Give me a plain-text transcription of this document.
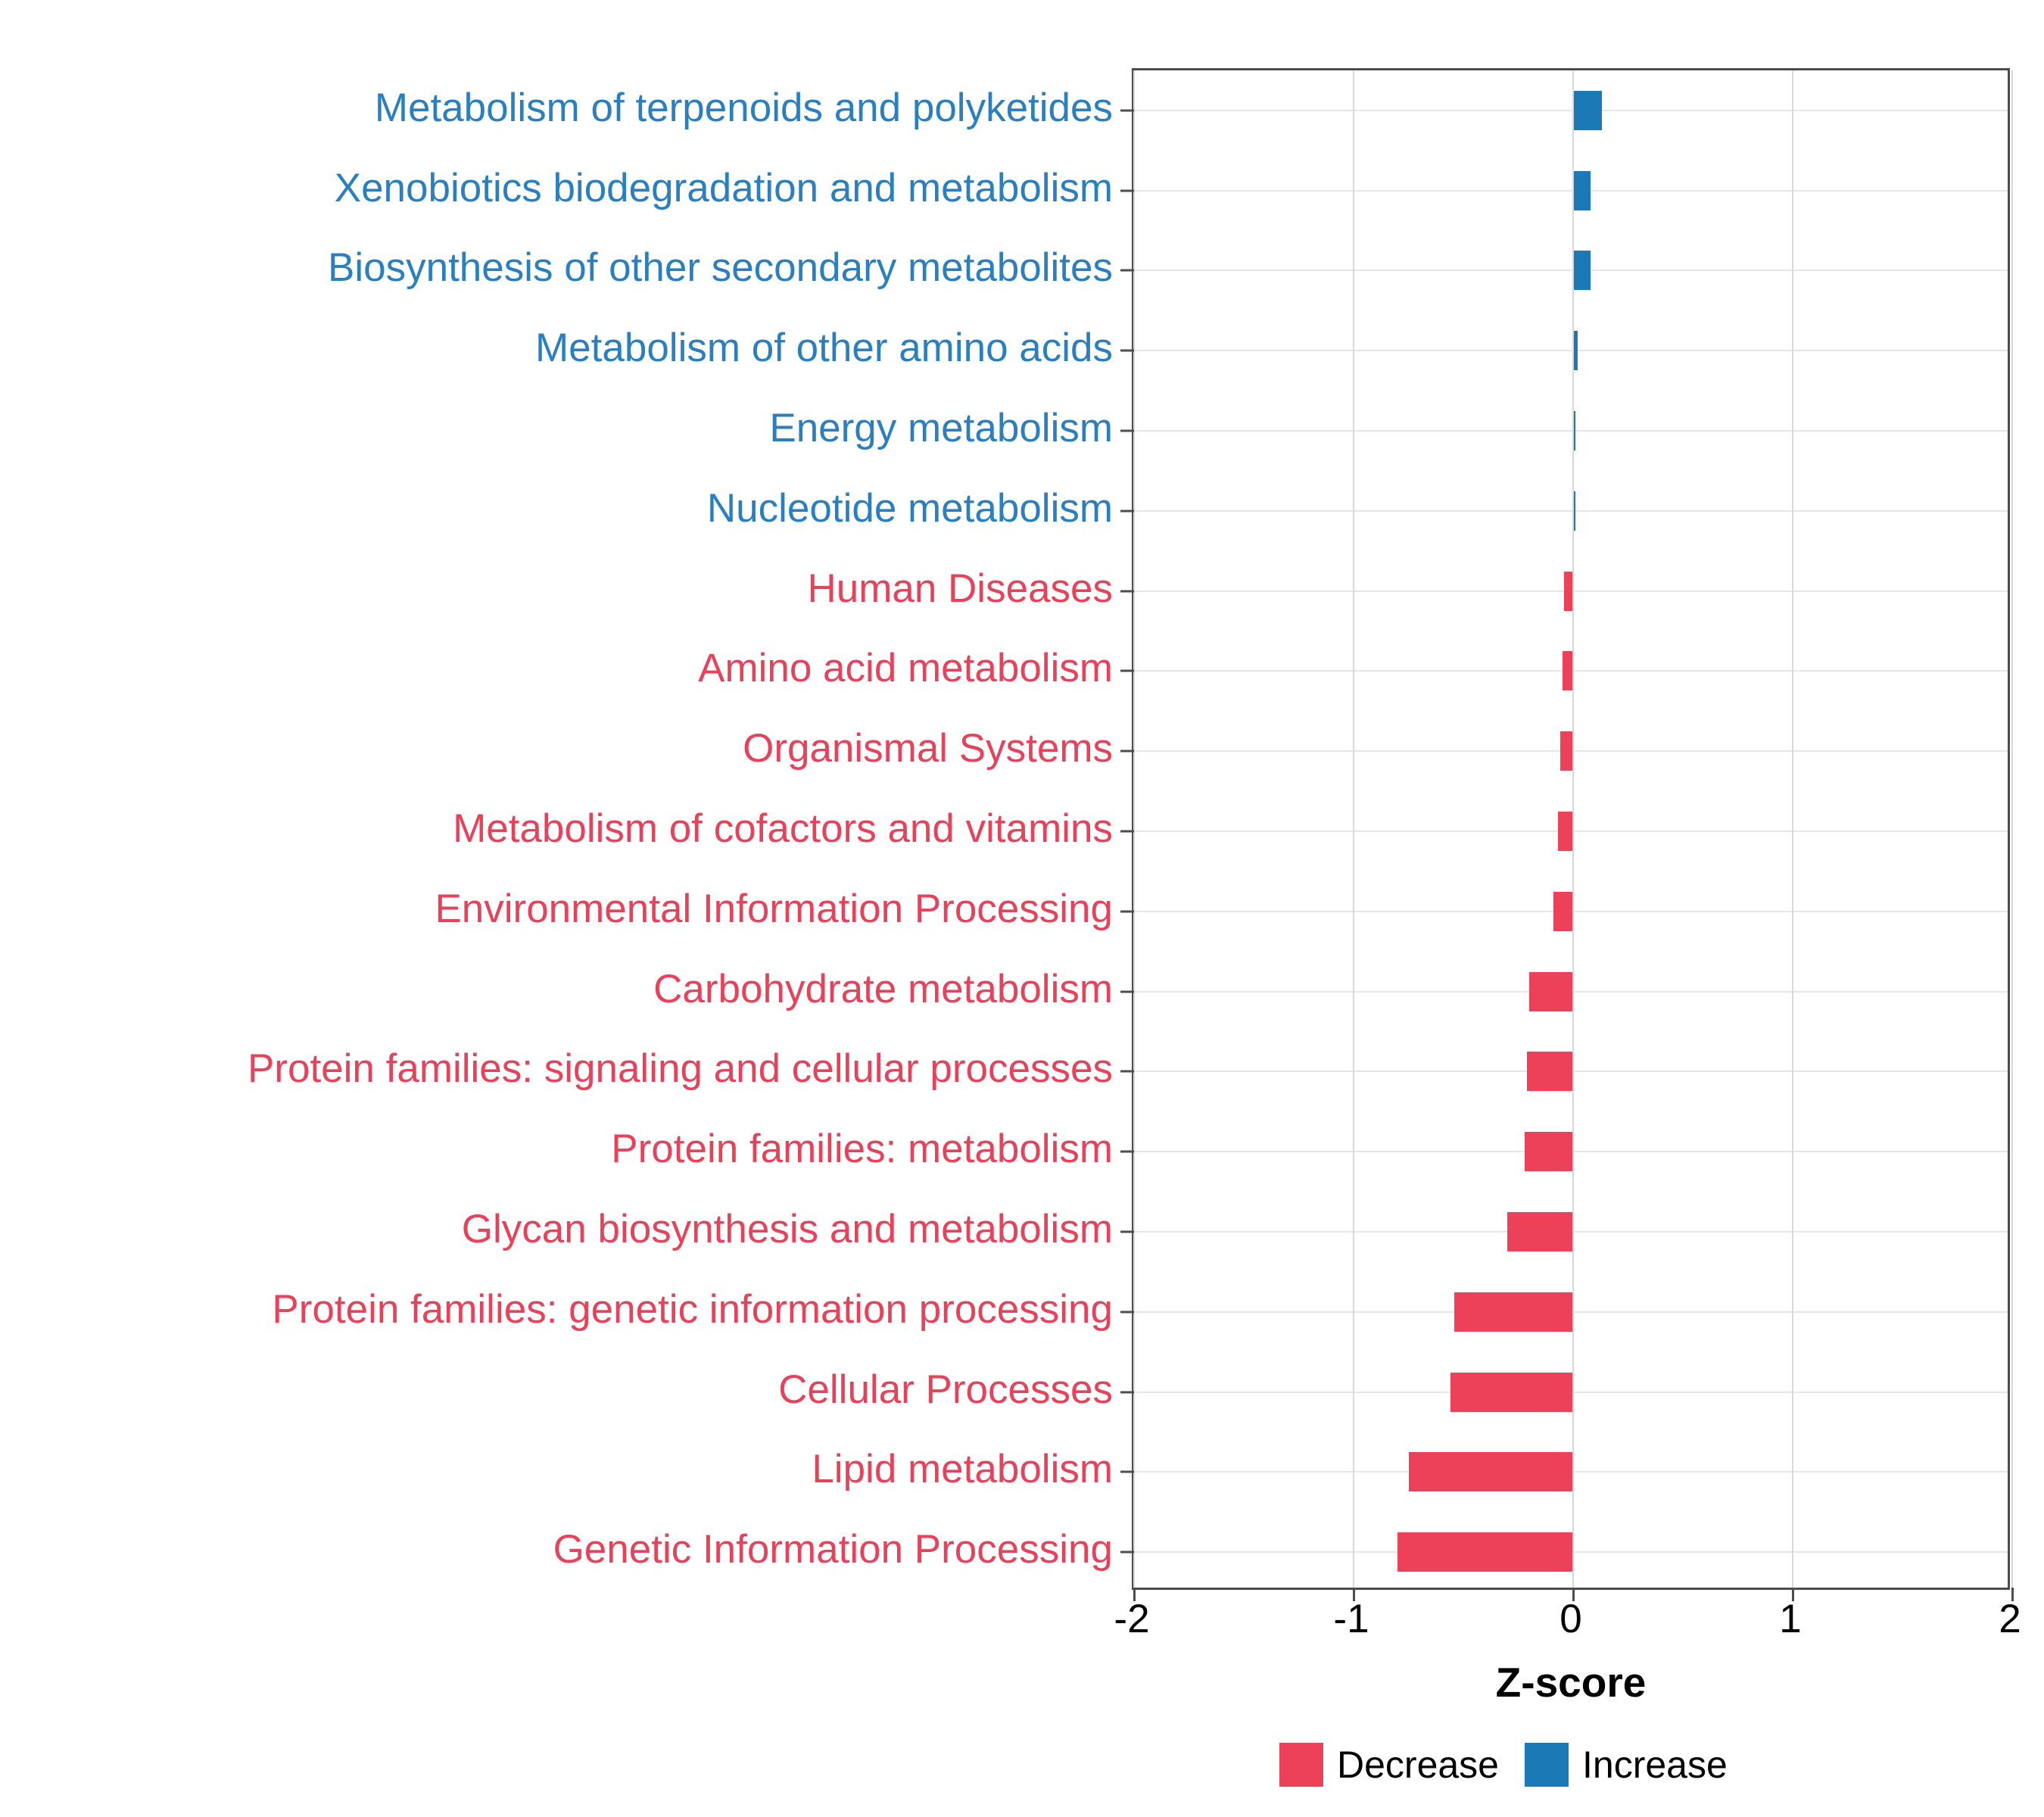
Metabolism of terpenoids and polyketides
Xenobiotics biodegradation and metabolism
Biosynthesis of other secondary metabolites
Metabolism of other amino acids
Energy metabolism
Nucleotide metabolism
Human Diseases
Amino acid metabolism
Organismal Systems
Metabolism of cofactors and vitamins
Environmental Information Processing
Carbohydrate metabolism
Protein families: signaling and cellular processes
Protein families: metabolism
Glycan biosynthesis and metabolism
Protein families: genetic information processing
Cellular Processes
Lipid metabolism
Genetic Information Processing
-2	-1	0	1	2
Z-score
Decrease Increase
